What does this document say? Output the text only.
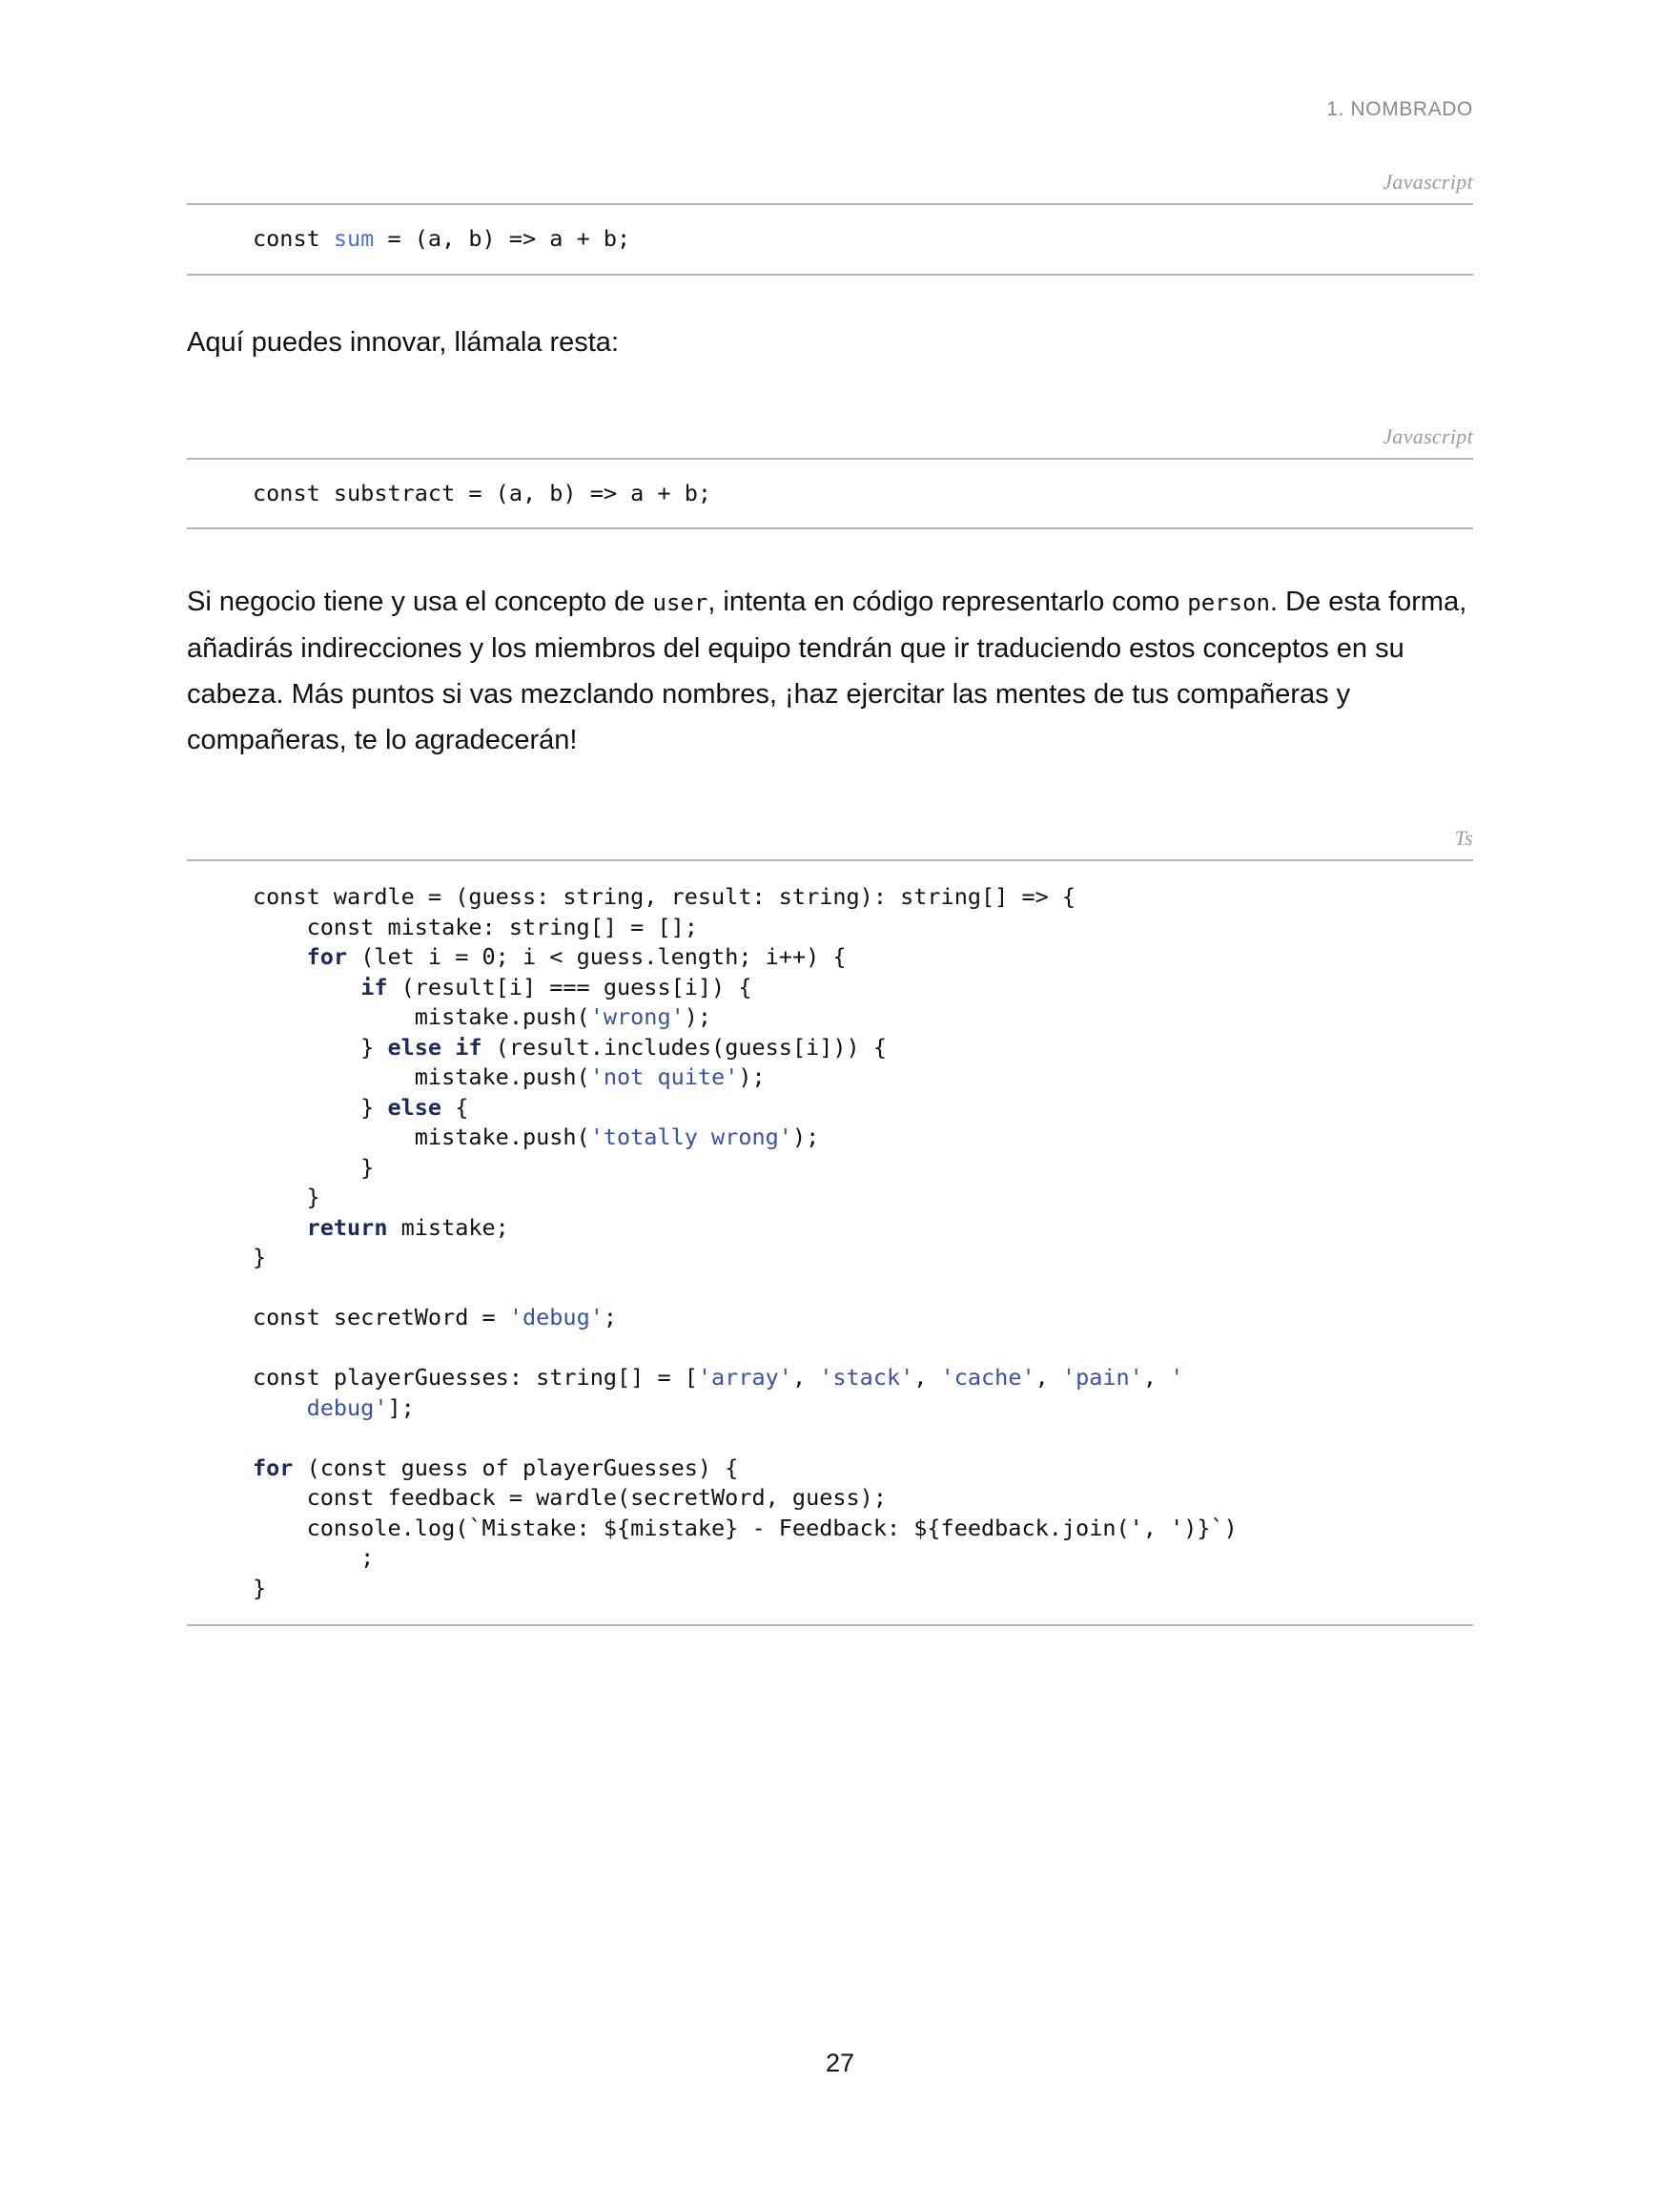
1. NOMBRADO
Javascript
const sum = (a, b) => a + b;

Aquí puedes innovar, llámala resta:

Javascript
const substract = (a, b) => a + b;

Si negocio tiene y usa el concepto de user, intenta en código representarlo como person. De esta forma, añadirás indirecciones y los miembros del equipo tendrán que ir traduciendo estos conceptos en su cabeza. Más puntos si vas mezclando nombres, ¡haz ejercitar las mentes de tus compañeras y compañeras, te lo agradecerán!

Ts
const wardle = (guess: string, result: string): string[] => {
const mistake: string[] = [];
for (let i = 0; i < guess.length; i++) {
if (result[i] === guess[i]) {
mistake.push('wrong');
} else if (result.includes(guess[i])) {
mistake.push('not quite');
} else {
mistake.push('totally wrong');
}
}
return mistake;
}

const secretWord = 'debug';

const playerGuesses: string[] = ['array', 'stack', 'cache', 'pain', '
debug'];

for (const guess of playerGuesses) {
const feedback = wardle(secretWord, guess);
console.log(`Mistake: ${mistake} - Feedback: ${feedback.join(', ')}`)
;
}
27
